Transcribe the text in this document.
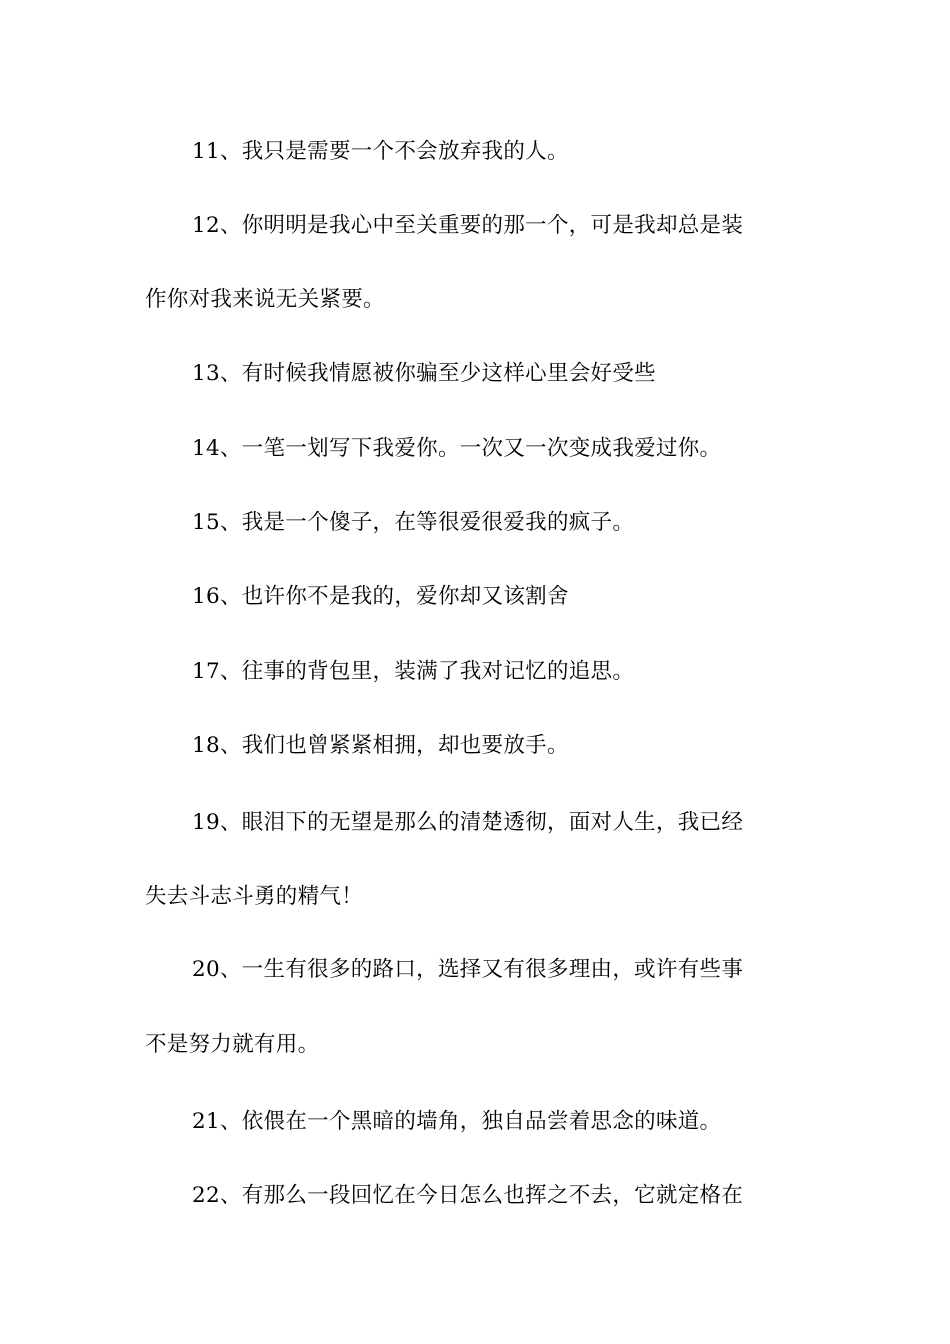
11、我只是需要一个不会放弃我的人。
12、你明明是我心中至关重要的那一个，可是我却总是装
作你对我来说无关紧要。
13、有时候我情愿被你骗至少这样心里会好受些
14、一笔一划写下我爱你。一次又一次变成我爱过你。
15、我是一个傻子，在等很爱很爱我的疯子。
16、也许你不是我的，爱你却又该割舍
17、往事的背包里，装满了我对记忆的追思。
18、我们也曾紧紧相拥，却也要放手。
19、眼泪下的无望是那么的清楚透彻，面对人生，我已经
失去斗志斗勇的精气！
20、一生有很多的路口，选择又有很多理由，或许有些事
不是努力就有用。
21、依偎在一个黑暗的墙角，独自品尝着思念的味道。
22、有那么一段回忆在今日怎么也挥之不去，它就定格在
